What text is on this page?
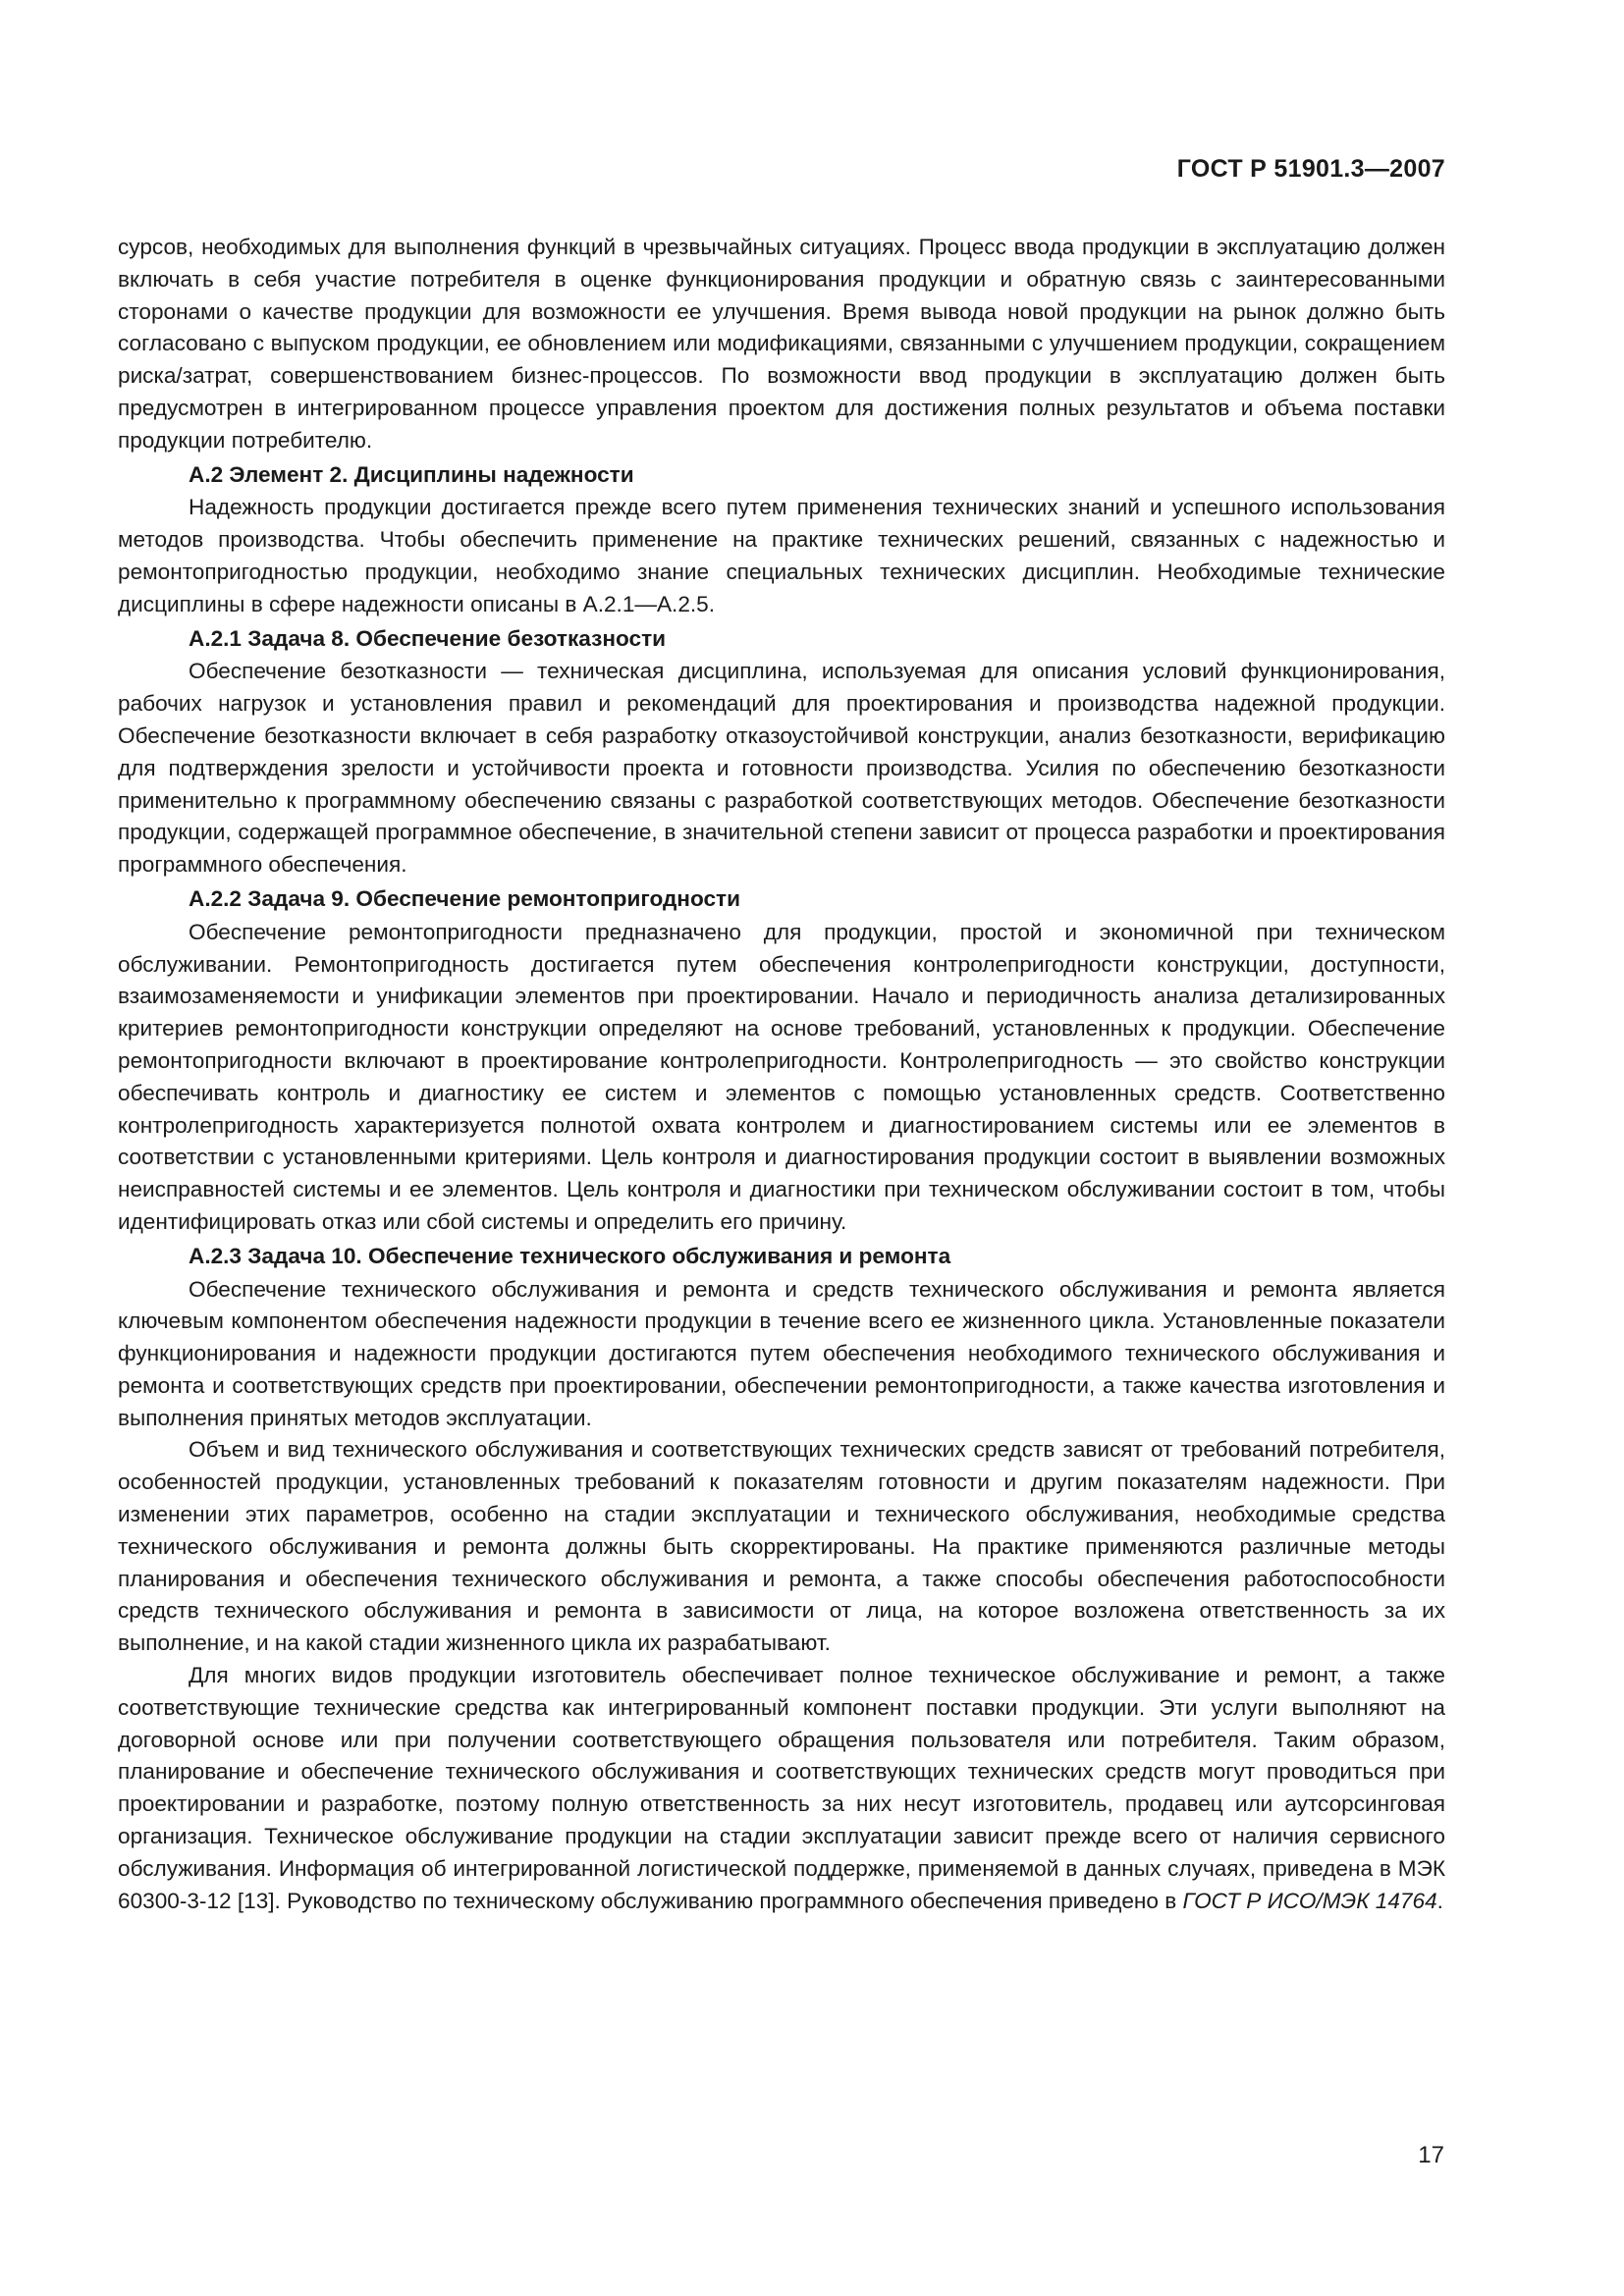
ГОСТ Р 51901.3—2007

сурсов, необходимых для выполнения функций в чрезвычайных ситуациях. Процесс ввода продукции в эксплуатацию должен включать в себя участие потребителя в оценке функционирования продукции и обратную связь с заинтересованными сторонами о качестве продукции для возможности ее улучшения. Время вывода новой продукции на рынок должно быть согласовано с выпуском продукции, ее обновлением или модификациями, связанными с улучшением продукции, сокращением риска/затрат, совершенствованием бизнес-процессов. По возможности ввод продукции в эксплуатацию должен быть предусмотрен в интегрированном процессе управления проектом для достижения полных результатов и объема поставки продукции потребителю.

А.2 Элемент 2. Дисциплины надежности

Надежность продукции достигается прежде всего путем применения технических знаний и успешного использования методов производства. Чтобы обеспечить применение на практике технических решений, связанных с надежностью и ремонтопригодностью продукции, необходимо знание специальных технических дисциплин. Необходимые технические дисциплины в сфере надежности описаны в А.2.1—А.2.5.

А.2.1 Задача 8. Обеспечение безотказности

Обеспечение безотказности — техническая дисциплина, используемая для описания условий функционирования, рабочих нагрузок и установления правил и рекомендаций для проектирования и производства надежной продукции. Обеспечение безотказности включает в себя разработку отказоустойчивой конструкции, анализ безотказности, верификацию для подтверждения зрелости и устойчивости проекта и готовности производства. Усилия по обеспечению безотказности применительно к программному обеспечению связаны с разработкой соответствующих методов. Обеспечение безотказности продукции, содержащей программное обеспечение, в значительной степени зависит от процесса разработки и проектирования программного обеспечения.

А.2.2 Задача 9. Обеспечение ремонтопригодности

Обеспечение ремонтопригодности предназначено для продукции, простой и экономичной при техническом обслуживании. Ремонтопригодность достигается путем обеспечения контролепригодности конструкции, доступности, взаимозаменяемости и унификации элементов при проектировании. Начало и периодичность анализа детализированных критериев ремонтопригодности конструкции определяют на основе требований, установленных к продукции. Обеспечение ремонтопригодности включают в проектирование контролепригодности. Контролепригодность — это свойство конструкции обеспечивать контроль и диагностику ее систем и элементов с помощью установленных средств. Соответственно контролепригодность характеризуется полнотой охвата контролем и диагностированием системы или ее элементов в соответствии с установленными критериями. Цель контроля и диагностирования продукции состоит в выявлении возможных неисправностей системы и ее элементов. Цель контроля и диагностики при техническом обслуживании состоит в том, чтобы идентифицировать отказ или сбой системы и определить его причину.

А.2.3 Задача 10. Обеспечение технического обслуживания и ремонта

Обеспечение технического обслуживания и ремонта и средств технического обслуживания и ремонта является ключевым компонентом обеспечения надежности продукции в течение всего ее жизненного цикла. Установленные показатели функционирования и надежности продукции достигаются путем обеспечения необходимого технического обслуживания и ремонта и соответствующих средств при проектировании, обеспечении ремонтопригодности, а также качества изготовления и выполнения принятых методов эксплуатации.

Объем и вид технического обслуживания и соответствующих технических средств зависят от требований потребителя, особенностей продукции, установленных требований к показателям готовности и другим показателям надежности. При изменении этих параметров, особенно на стадии эксплуатации и технического обслуживания, необходимые средства технического обслуживания и ремонта должны быть скорректированы. На практике применяются различные методы планирования и обеспечения технического обслуживания и ремонта, а также способы обеспечения работоспособности средств технического обслуживания и ремонта в зависимости от лица, на которое возложена ответственность за их выполнение, и на какой стадии жизненного цикла их разрабатывают.

Для многих видов продукции изготовитель обеспечивает полное техническое обслуживание и ремонт, а также соответствующие технические средства как интегрированный компонент поставки продукции. Эти услуги выполняют на договорной основе или при получении соответствующего обращения пользователя или потребителя. Таким образом, планирование и обеспечение технического обслуживания и соответствующих технических средств могут проводиться при проектировании и разработке, поэтому полную ответственность за них несут изготовитель, продавец или аутсорсинговая организация. Техническое обслуживание продукции на стадии эксплуатации зависит прежде всего от наличия сервисного обслуживания. Информация об интегрированной логистической поддержке, применяемой в данных случаях, приведена в МЭК 60300-3-12 [13]. Руководство по техническому обслуживанию программного обеспечения приведено в ГОСТ Р ИСО/МЭК 14764.

17
